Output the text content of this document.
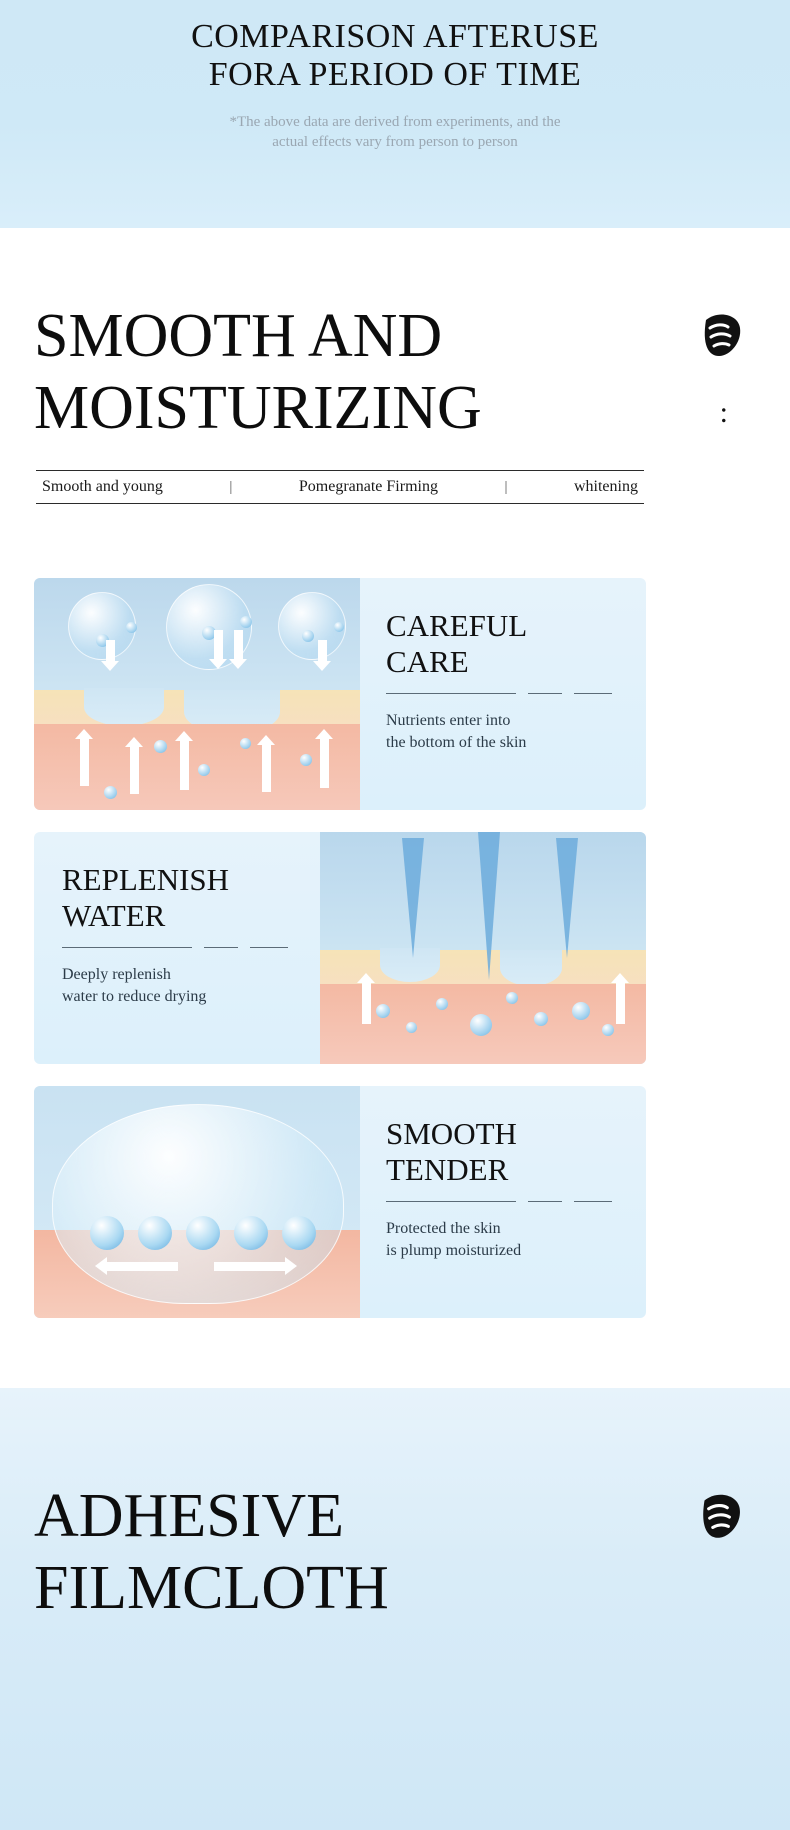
COMPARISON AFTERUSE
FORA PERIOD OF TIME
*The above data are derived from experiments, and the
actual effects vary from person to person
SMOOTH AND
MOISTURIZING	:
Smooth and young	|	Pomegranate Firming	|	whitening
CAREFUL
CARE
Nutrients enter into
the bottom of the skin
REPLENISH
WATER
Deeply replenish
water to reduce drying
SMOOTH
TENDER
Protected the skin
is plump moisturized
ADHESIVE
FILMCLOTH
